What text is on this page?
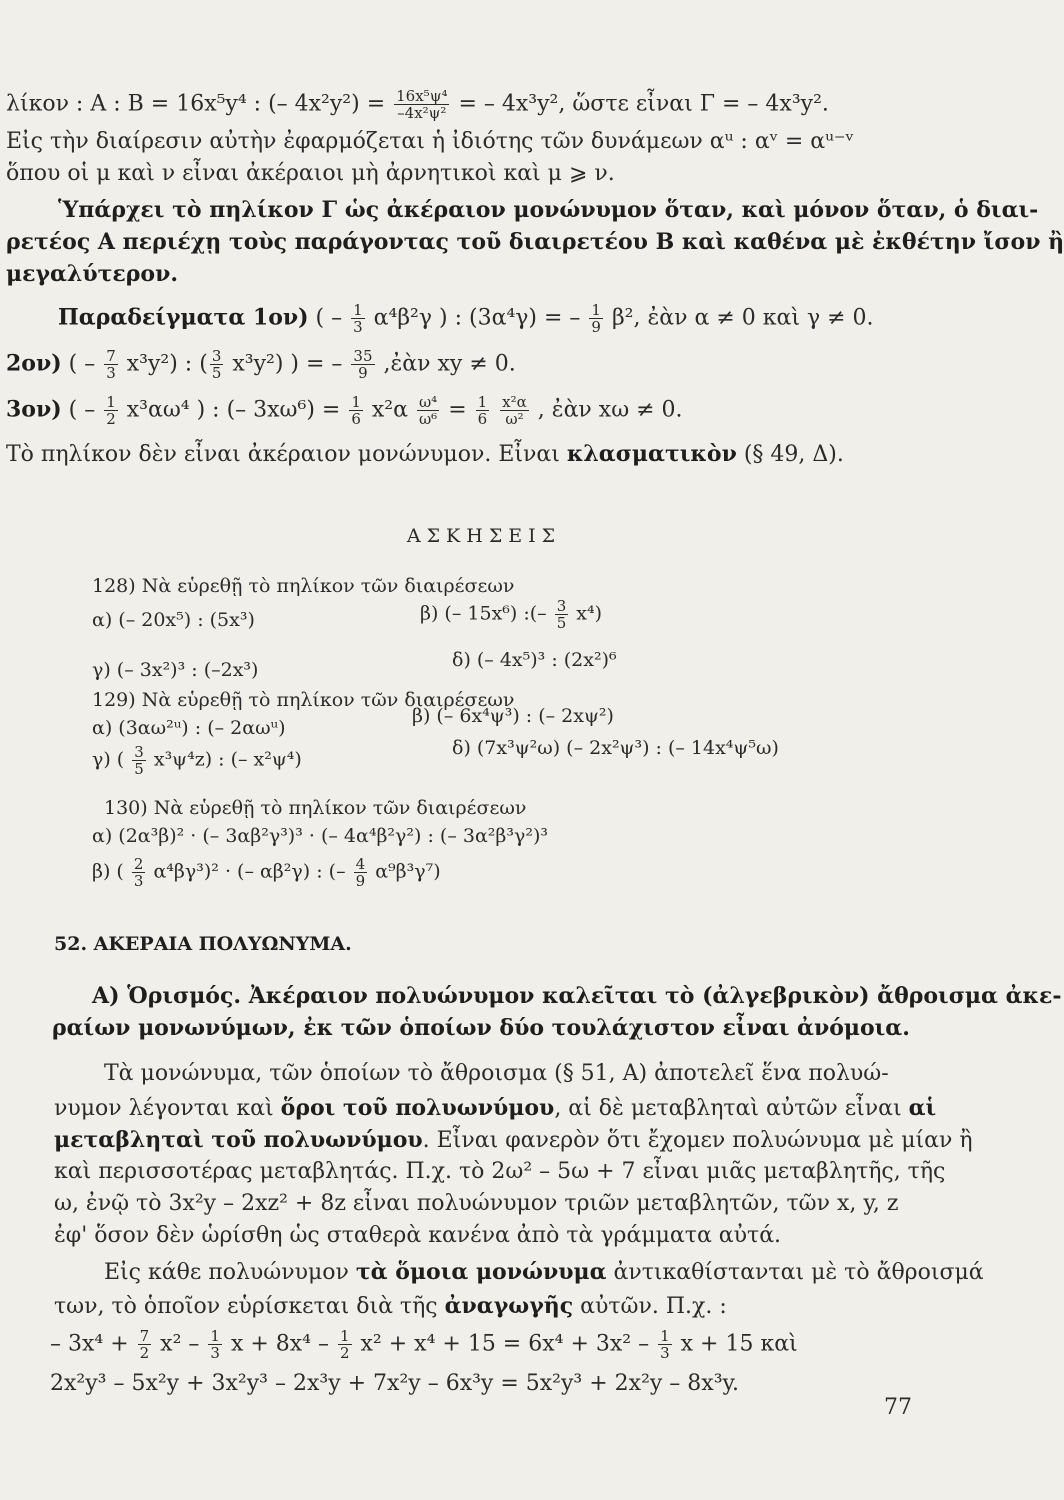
λίκον : Α : Β = 16x⁵y⁴ : (– $4x^2y^2) = \frac{\text{16x⁵ψ⁴}}{\text{–4x²ψ²}}$ = – 4x³y², ὥστε εἶναι Γ = – 4x³y².
Εἰς τὴν διαίρεσιν αὐτὴν ἐφαρμόζεται ἡ ἰδιότης τῶν δυνάμεων αᵘ : αᵛ = αᵘ⁻ᵛ
ὅπου οἱ μ καὶ ν εἶναι ἀκέραιοι μὴ ἀρνητικοὶ καὶ μ ⩾ ν.
Ὑπάρχει τὸ πηλίκον Γ ὡς ἀκέραιον μονώνυμον ὅταν, καὶ μόνον ὅταν, ὁ διαι-
ρετέος Α περιέχῃ τοὺς παράγοντας τοῦ διαιρετέου Β καὶ καθένα μὲ ἐκθέτην ἴσον ἢ
μεγαλύτερον.
Παραδείγματα 1ον) ( – $\frac{1}{3} \alpha^4\beta^2\gamma$ ) : (3α⁴γ) = – $\frac{1}{9} \beta^2$, ἐὰν α ≠ 0 καὶ γ ≠ 0.
2ον) ( – $\frac{7}{3} x^3y^2$) : ( $\frac{3}{5} x^3y^2$) ) = – $\frac{35}{9}$ ,ἐὰν xy ≠ 0.
3ον) ( – $\frac{1}{2} x^3\alpha\omega^4$ ) : (– $3x\omega^6) = \frac{1}{6} x^2\alpha \frac{\text{ω⁴}}{\text{ω⁶}} = \frac{1}{6}$
$\frac{\text{x²α}}{\text{ω²}}$ , ἐὰν xω ≠ 0.
Τὸ πηλίκον δὲν εἶναι ἀκέραιον μονώνυμον. Εἶναι κλασματικὸν (§ 49, Δ).
ΑΣΚΗΣΕΙΣ
128) Νὰ εὑρεθῇ τὸ πηλίκον τῶν διαιρέσεων
α) (– 20x⁵) : (5x³)	β) (– 15x⁶) :(– $\frac{3}{5} x^4$)
γ) (– 3x²)³ : (–2x³)	δ) (– 4x⁵)³ : (2x²)⁶
129) Νὰ εὑρεθῇ τὸ πηλίκον τῶν διαιρέσεων
α) (3αω²ᵘ) : (– 2αωᵘ)
β) (– 6x⁴ψ³) : (– 2xψ²)
γ) ( $\frac{3}{5} x^3\psi^4z$) : (– x²ψ⁴)
δ) (7x³ψ²ω) (– 2x²ψ³) : (– 14x⁴ψ⁵ω)
130) Νὰ εὑρεθῇ τὸ πηλίκον τῶν διαιρέσεων
α) (2α³β)² · (– 3αβ²γ³)³ · (– 4α⁴β²γ²) : (– 3α²β³γ²)³
β) ( $\frac{2}{3} \alpha^4\beta\gamma^3)^2$ · (– αβ²γ) : (– $\frac{4}{9} \alpha^9\beta^3\gamma^7$)
52. ΑΚΕΡΑΙΑ ΠΟΛΥΩΝΥΜΑ.
Α) Ὁρισμός. Ἀκέραιον πολυώνυμον καλεῖται τὸ (ἀλγεβρικὸν) ἄθροισμα ἀκε-
ραίων μονωνύμων, ἐκ τῶν ὁποίων δύο τουλάχιστον εἶναι ἀνόμοια.
Τὰ μονώνυμα, τῶν ὁποίων τὸ ἄθροισμα (§ 51, Α) ἀποτελεῖ ἕνα πολυώ-
νυμον λέγονται καὶ ὅροι τοῦ πολυωνύμου, αἱ δὲ μεταβληταὶ αὐτῶν εἶναι αἱ
μεταβληταὶ τοῦ πολυωνύμου. Εἶναι φανερὸν ὅτι ἔχομεν πολυώνυμα μὲ μίαν ἢ
καὶ περισσοτέρας μεταβλητάς. Π.χ. τὸ 2ω² – 5ω + 7 εἶναι μιᾶς μεταβλητῆς, τῆς
ω, ἐνῷ τὸ 3x²y – 2xz² + 8z εἶναι πολυώνυμον τριῶν μεταβλητῶν, τῶν x, y, z
ἐφ' ὅσον δὲν ὡρίσθη ὡς σταθερὰ κανένα ἀπὸ τὰ γράμματα αὐτά.
Εἰς κάθε πολυώνυμον τὰ ὅμοια μονώνυμα ἀντικαθίστανται μὲ τὸ ἄθροισμά
των, τὸ ὁποῖον εὑρίσκεται διὰ τῆς ἀναγωγῆς αὐτῶν. Π.χ. :
– $3x^4 + \frac{7}{2} x^2 - \frac{1}{3}$ $x + 8x^4 - \frac{1}{2} x^2 + x^4 + 15 = 6x^4 + 3x^2 - \frac{1}{3}$ x + 15 καὶ
2x²y³ – 5x²y + 3x²y³ – 2x³y + 7x²y – 6x³y = 5x²y³ + 2x²y – 8x³y.
77
